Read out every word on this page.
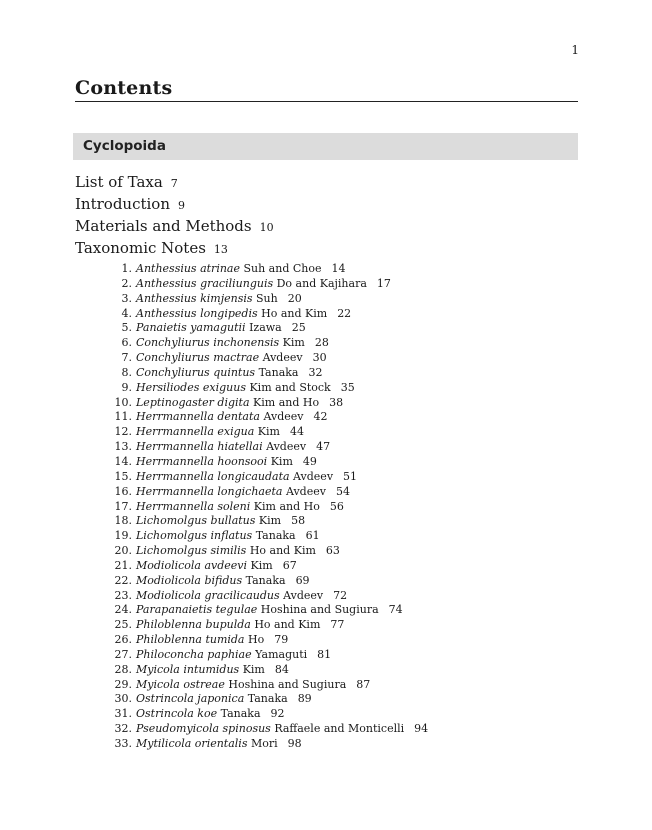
1
Contents
Cyclopoida
List of Taxa 7
Introduction 9
Materials and Methods 10
Taxonomic Notes 13
1. Anthessius atrinae Suh and Choe 14
2. Anthessius graciliunguis Do and Kajihara 17
3. Anthessius kimjensis Suh 20
4. Anthessius longipedis Ho and Kim 22
5. Panaietis yamagutii Izawa 25
6. Conchyliurus inchonensis Kim 28
7. Conchyliurus mactrae Avdeev 30
8. Conchyliurus quintus Tanaka 32
9. Hersiliodes exiguus Kim and Stock 35
10. Leptinogaster digita Kim and Ho 38
11. Herrmannella dentata Avdeev 42
12. Herrmannella exigua Kim 44
13. Herrmannella hiatellai Avdeev 47
14. Herrmannella hoonsooi Kim 49
15. Herrmannella longicaudata Avdeev 51
16. Herrmannella longichaeta Avdeev 54
17. Herrmannella soleni Kim and Ho 56
18. Lichomolgus bullatus Kim 58
19. Lichomolgus inflatus Tanaka 61
20. Lichomolgus similis Ho and Kim 63
21. Modiolicola avdeevi Kim 67
22. Modiolicola bifidus Tanaka 69
23. Modiolicola gracilicaudus Avdeev 72
24. Parapanaietis tegulae Hoshina and Sugiura 74
25. Philoblenna bupulda Ho and Kim 77
26. Philoblenna tumida Ho 79
27. Philoconcha paphiae Yamaguti 81
28. Myicola intumidus Kim 84
29. Myicola ostreae Hoshina and Sugiura 87
30. Ostrincola japonica Tanaka 89
31. Ostrincola koe Tanaka 92
32. Pseudomyicola spinosus Raffaele and Monticelli 94
33. Mytilicola orientalis Mori 98
